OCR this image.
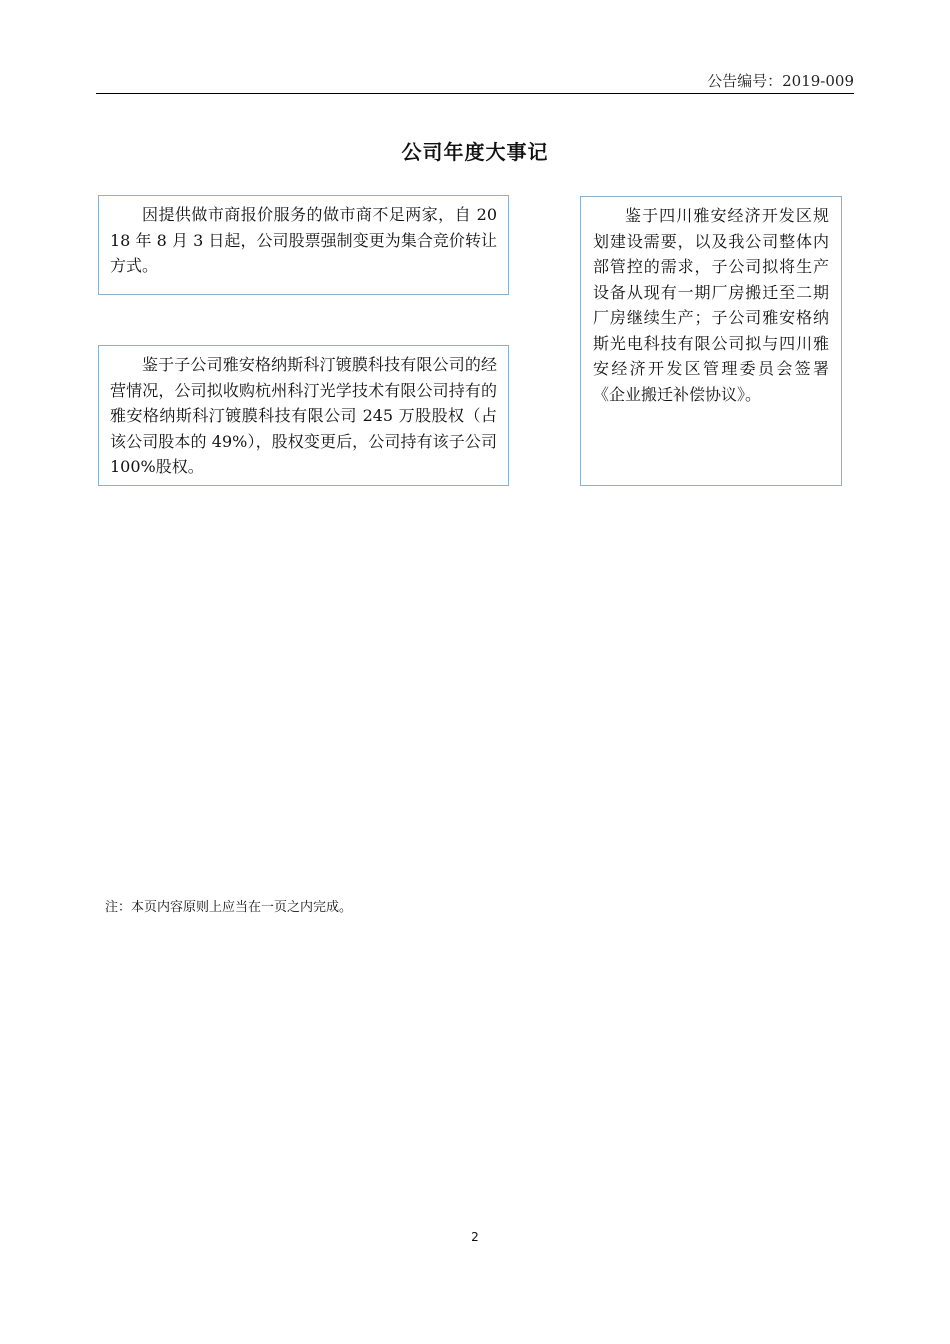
公告编号：2019-009
公司年度大事记
因提供做市商报价服务的做市商不足两家，自 2018 年 8 月 3 日起，公司股票强制变更为集合竞价转让方式。
鉴于子公司雅安格纳斯科汀镀膜科技有限公司的经营情况，公司拟收购杭州科汀光学技术有限公司持有的雅安格纳斯科汀镀膜科技有限公司 245 万股股权（占该公司股本的 49%），股权变更后，公司持有该子公司 100%股权。
鉴于四川雅安经济开发区规划建设需要，以及我公司整体内部管控的需求，子公司拟将生产设备从现有一期厂房搬迁至二期厂房继续生产；子公司雅安格纳斯光电科技有限公司拟与四川雅安经济开发区管理委员会签署《企业搬迁补偿协议》。
注：本页内容原则上应当在一页之内完成。
2
